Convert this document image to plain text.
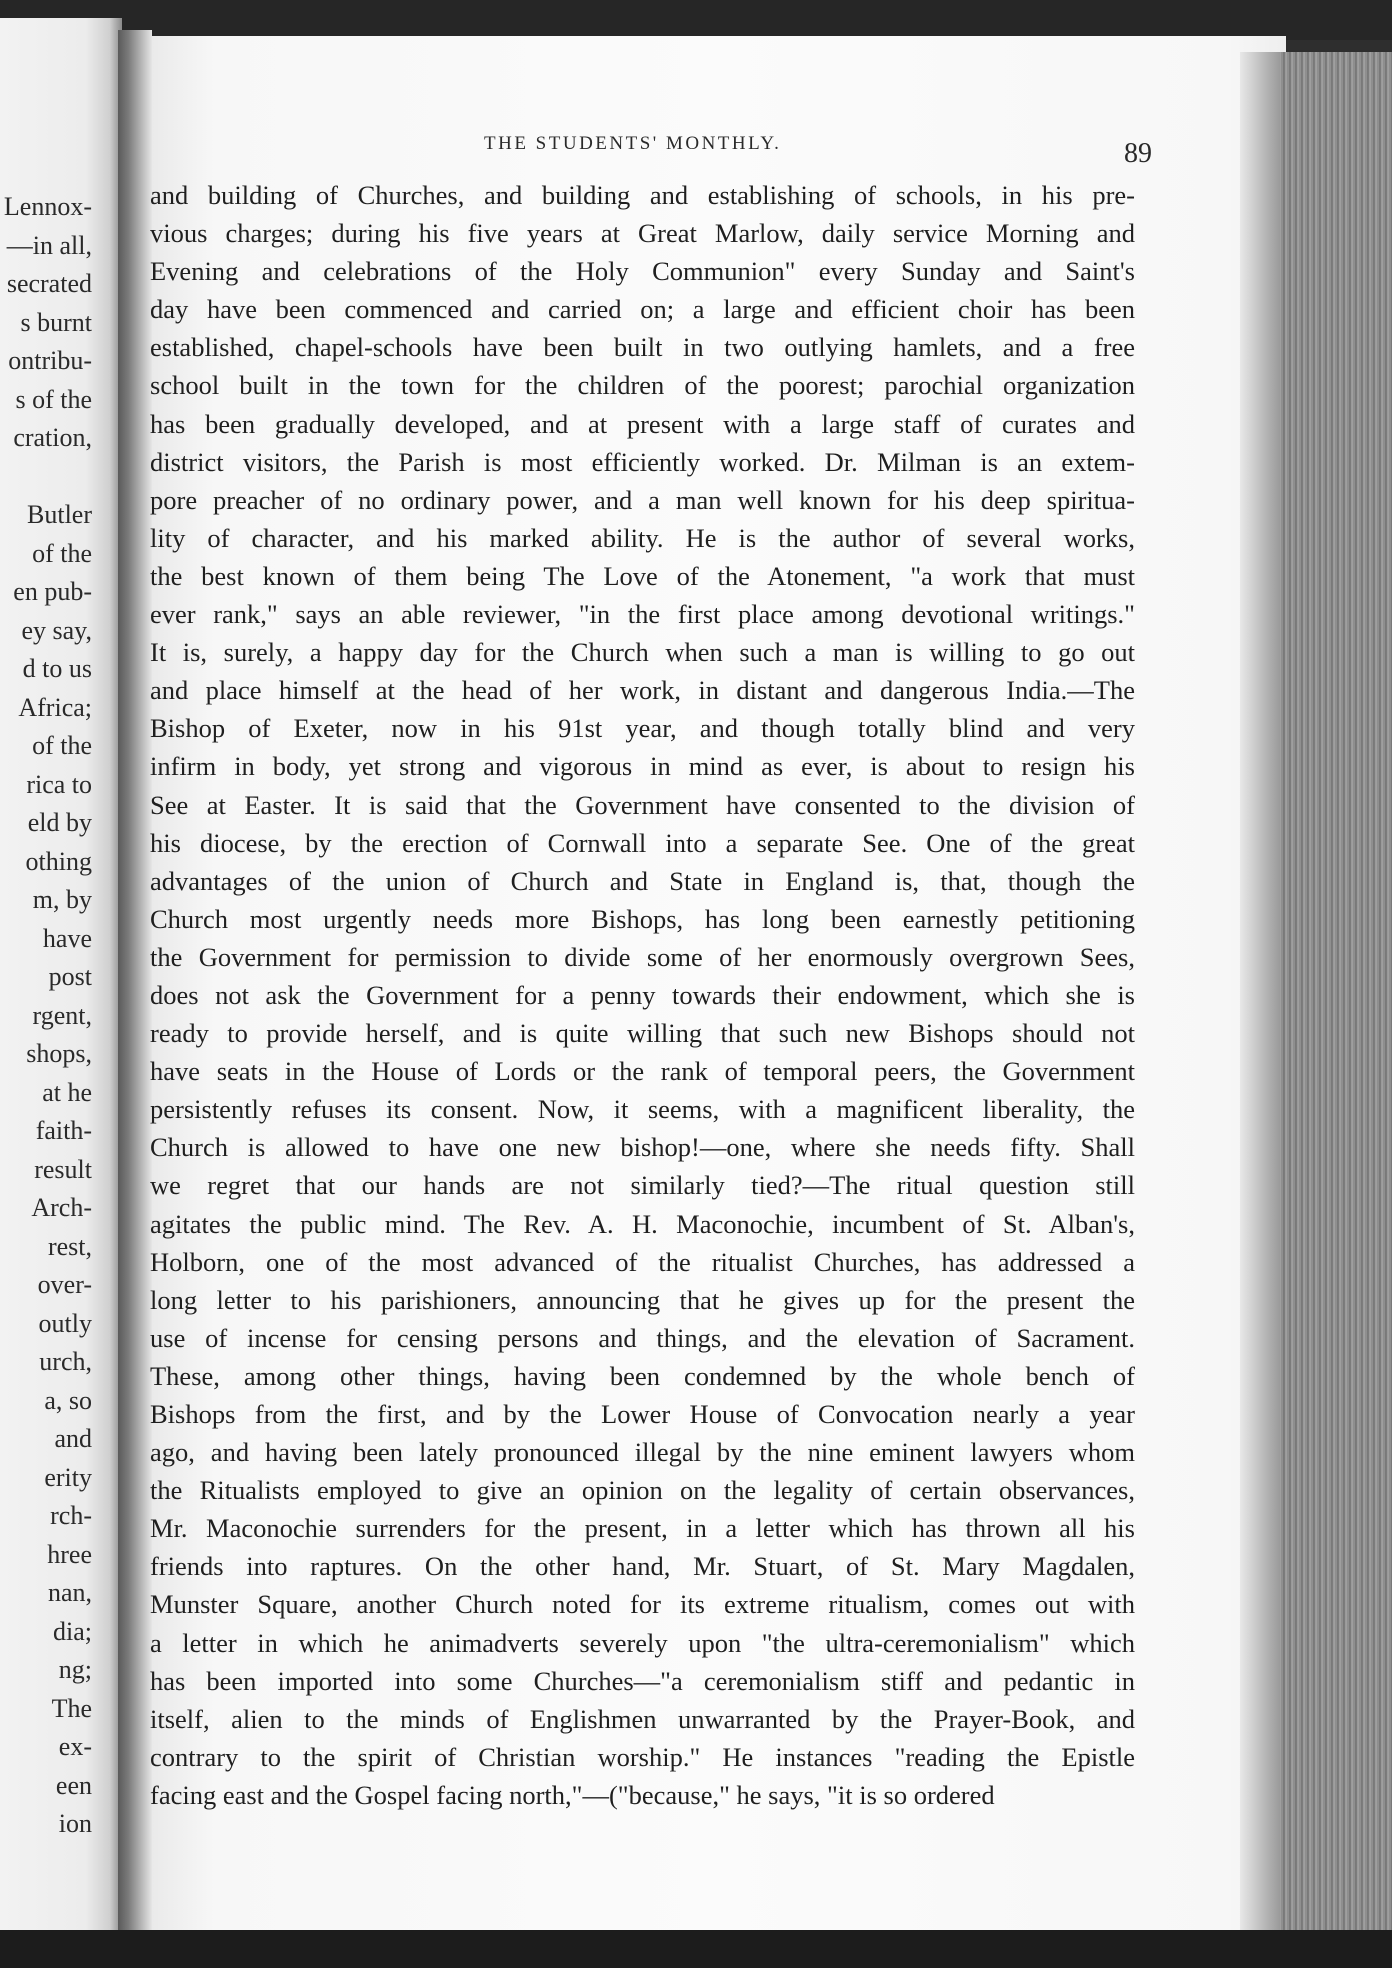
Lennox-
—in all,
secrated
s burnt
ontribu-
s of the
cration,
Butler
of the
en pub-
ey say,
d to us
Africa;
of the
rica to
eld by
othing
m, by
have
post
rgent,
shops,
at he
faith-
result
Arch-
rest,
over-
outly
urch,
a, so
and
erity
rch-
hree
nan,
dia;
ng;
The
ex-
een
ion
THE STUDENTS' MONTHLY.	89
and building of Churches, and building and establishing of schools, in his pre-
vious charges; during his five years at Great Marlow, daily service Morning and
Evening and celebrations of the Holy Communion" every Sunday and Saint's
day have been commenced and carried on; a large and efficient choir has been
established, chapel-schools have been built in two outlying hamlets, and a free
school built in the town for the children of the poorest; parochial organization
has been gradually developed, and at present with a large staff of curates and
district visitors, the Parish is most efficiently worked. Dr. Milman is an extem-
pore preacher of no ordinary power, and a man well known for his deep spiritua-
lity of character, and his marked ability. He is the author of several works,
the best known of them being The Love of the Atonement, "a work that must
ever rank," says an able reviewer, "in the first place among devotional writings."
It is, surely, a happy day for the Church when such a man is willing to go out
and place himself at the head of her work, in distant and dangerous India.—The
Bishop of Exeter, now in his 91st year, and though totally blind and very
infirm in body, yet strong and vigorous in mind as ever, is about to resign his
See at Easter. It is said that the Government have consented to the division of
his diocese, by the erection of Cornwall into a separate See. One of the great
advantages of the union of Church and State in England is, that, though the
Church most urgently needs more Bishops, has long been earnestly petitioning
the Government for permission to divide some of her enormously overgrown Sees,
does not ask the Government for a penny towards their endowment, which she is
ready to provide herself, and is quite willing that such new Bishops should not
have seats in the House of Lords or the rank of temporal peers, the Government
persistently refuses its consent. Now, it seems, with a magnificent liberality, the
Church is allowed to have one new bishop!—one, where she needs fifty. Shall
we regret that our hands are not similarly tied?—The ritual question still
agitates the public mind. The Rev. A. H. Maconochie, incumbent of St. Alban's,
Holborn, one of the most advanced of the ritualist Churches, has addressed a
long letter to his parishioners, announcing that he gives up for the present the
use of incense for censing persons and things, and the elevation of Sacrament.
These, among other things, having been condemned by the whole bench of
Bishops from the first, and by the Lower House of Convocation nearly a year
ago, and having been lately pronounced illegal by the nine eminent lawyers whom
the Ritualists employed to give an opinion on the legality of certain observances,
Mr. Maconochie surrenders for the present, in a letter which has thrown all his
friends into raptures. On the other hand, Mr. Stuart, of St. Mary Magdalen,
Munster Square, another Church noted for its extreme ritualism, comes out with
a letter in which he animadverts severely upon "the ultra-ceremonialism" which
has been imported into some Churches—"a ceremonialism stiff and pedantic in
itself, alien to the minds of Englishmen unwarranted by the Prayer-Book, and
contrary to the spirit of Christian worship." He instances "reading the Epistle
facing east and the Gospel facing north,"—("because," he says, "it is so ordered
